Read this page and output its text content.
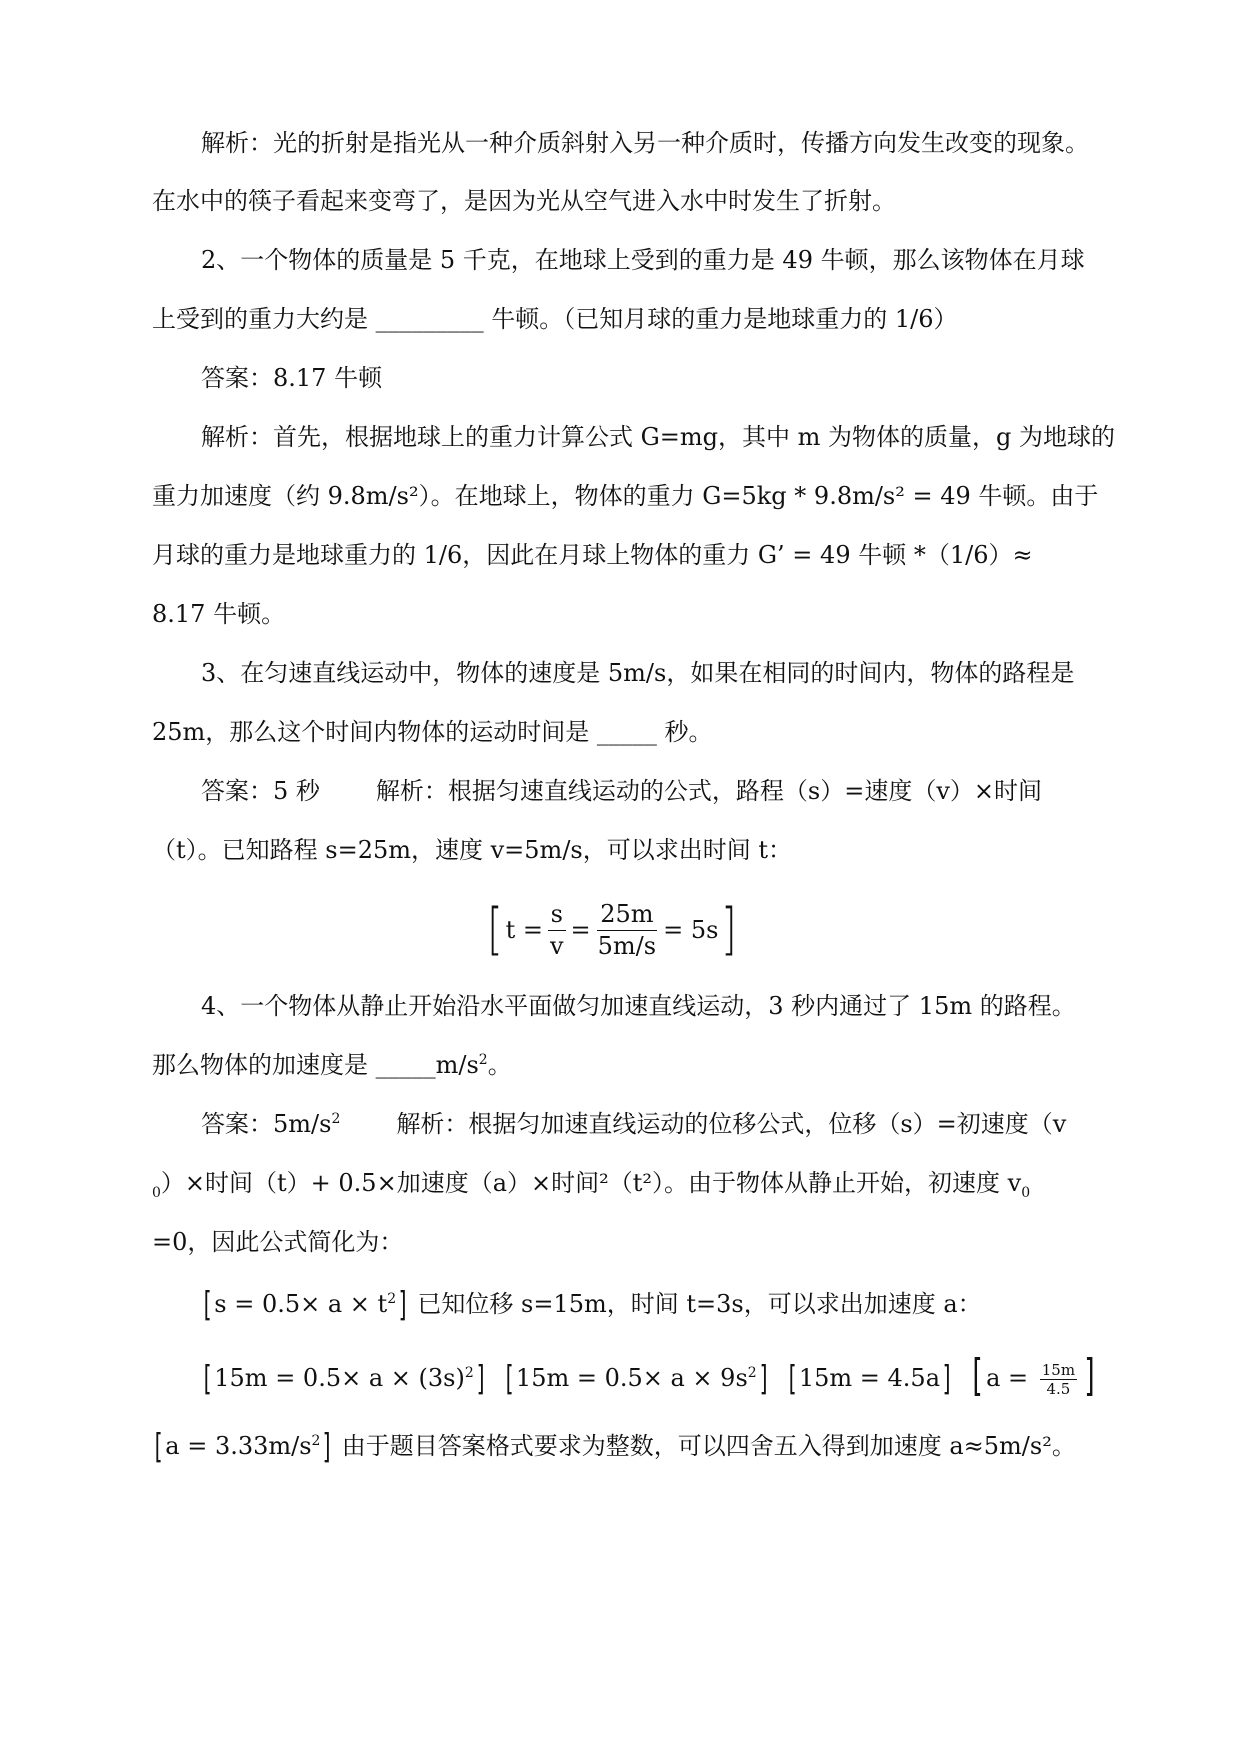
解析：光的折射是指光从一种介质斜射入另一种介质时，传播方向发生改变的现象。
在水中的筷子看起来变弯了，是因为光从空气进入水中时发生了折射。
2、一个物体的质量是 5 千克，在地球上受到的重力是 49 牛顿，那么该物体在月球
上受到的重力大约是 _________ 牛顿。（已知月球的重力是地球重力的 1/6）
答案：8.17 牛顿
解析：首先，根据地球上的重力计算公式 G=mg，其中 m 为物体的质量，g 为地球的
重力加速度（约 9.8m/s²）。在地球上，物体的重力 G=5kg * 9.8m/s² = 49 牛顿。由于
月球的重力是地球重力的 1/6，因此在月球上物体的重力 G’ = 49 牛顿 *（1/6）≈
8.17 牛顿。
3、在匀速直线运动中，物体的速度是 5m/s，如果在相同的时间内，物体的路程是
25m，那么这个时间内物体的运动时间是 _____ 秒。
答案：5 秒 解析：根据匀速直线运动的公式，路程（s）=速度（v）×时间
（t）。已知路程 s=25m，速度 v=5m/s，可以求出时间 t：
[ $t = \frac{s}{v} = \frac{25m}{5m/s} = 5s$ ]
4、一个物体从静止开始沿水平面做匀加速直线运动，3 秒内通过了 15m 的路程。
那么物体的加速度是 $\_\_\_\_\_m/s^2$。
答案：$5m/s^2$ 解析：根据匀加速直线运动的位移公式，位移（s）=初速度（v
$_0$）×时间（t）+ 0.5×加速度（a）×时间²（t²）。由于物体从静止开始，初速度 $v_0$
=0，因此公式简化为：
[ $s = 0.5\times a \times t^2$] 已知位移 s=15m，时间 t=3s，可以求出加速度 a：
[ $15m = 0.5\times a \times (3s)^2$] [ $15m = 0.5\times a \times 9s^2$] [ 15m = 4.5a] [ $a = \frac{15m}{4.5}$ ]
[ $a = 3.33m/s^2$] 由于题目答案格式要求为整数，可以四舍五入得到加速度 a≈5m/s²。
